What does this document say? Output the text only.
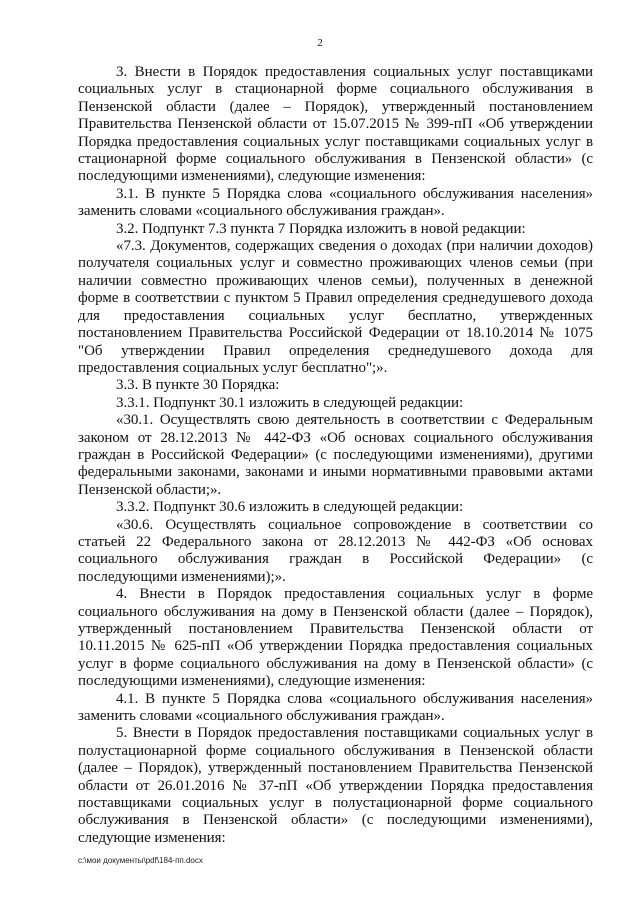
2

3. Внести в Порядок предоставления социальных услуг поставщиками социальных услуг в стационарной форме социального обслуживания в Пензенской области (далее – Порядок), утвержденный постановлением Правительства Пензенской области от 15.07.2015 № 399-пП «Об утверждении Порядка предоставления социальных услуг поставщиками социальных услуг в стационарной форме социального обслуживания в Пензенской области» (с последующими изменениями), следующие изменения:

3.1. В пункте 5 Порядка слова «социального обслуживания населения» заменить словами «социального обслуживания граждан».

3.2. Подпункт 7.3 пункта 7 Порядка изложить в новой редакции:

«7.3. Документов, содержащих сведения о доходах (при наличии доходов) получателя социальных услуг и совместно проживающих членов семьи (при наличии совместно проживающих членов семьи), полученных в денежной форме в соответствии с пунктом 5 Правил определения среднедушевого дохода для предоставления социальных услуг бесплатно, утвержденных постановлением Правительства Российской Федерации от 18.10.2014 № 1075 "Об утверждении Правил определения среднедушевого дохода для предоставления социальных услуг бесплатно";».

3.3. В пункте 30 Порядка:

3.3.1. Подпункт 30.1 изложить в следующей редакции:

«30.1. Осуществлять свою деятельность в соответствии с Федеральным законом от 28.12.2013 № 442-ФЗ «Об основах социального обслуживания граждан в Российской Федерации» (с последующими изменениями), другими федеральными законами, законами и иными нормативными правовыми актами Пензенской области;».

3.3.2. Подпункт 30.6 изложить в следующей редакции:

«30.6. Осуществлять социальное сопровождение в соответствии со статьей 22 Федерального закона от 28.12.2013 № 442-ФЗ «Об основах социального обслуживания граждан в Российской Федерации» (с последующими изменениями);».

4. Внести в Порядок предоставления социальных услуг в форме социального обслуживания на дому в Пензенской области (далее – Порядок), утвержденный постановлением Правительства Пензенской области от 10.11.2015 № 625-пП «Об утверждении Порядка предоставления социальных услуг в форме социального обслуживания на дому в Пензенской области» (с последующими изменениями), следующие изменения:

4.1. В пункте 5 Порядка слова «социального обслуживания населения» заменить словами «социального обслуживания граждан».

5. Внести в Порядок предоставления поставщиками социальных услуг в полустационарной форме социального обслуживания в Пензенской области (далее – Порядок), утвержденный постановлением Правительства Пензенской области от 26.01.2016 № 37-пП «Об утверждении Порядка предоставления поставщиками социальных услуг в полустационарной форме социального обслуживания в Пензенской области» (с последующими изменениями), следующие изменения:

c:\мои документы\pdf\184-пп.docx
